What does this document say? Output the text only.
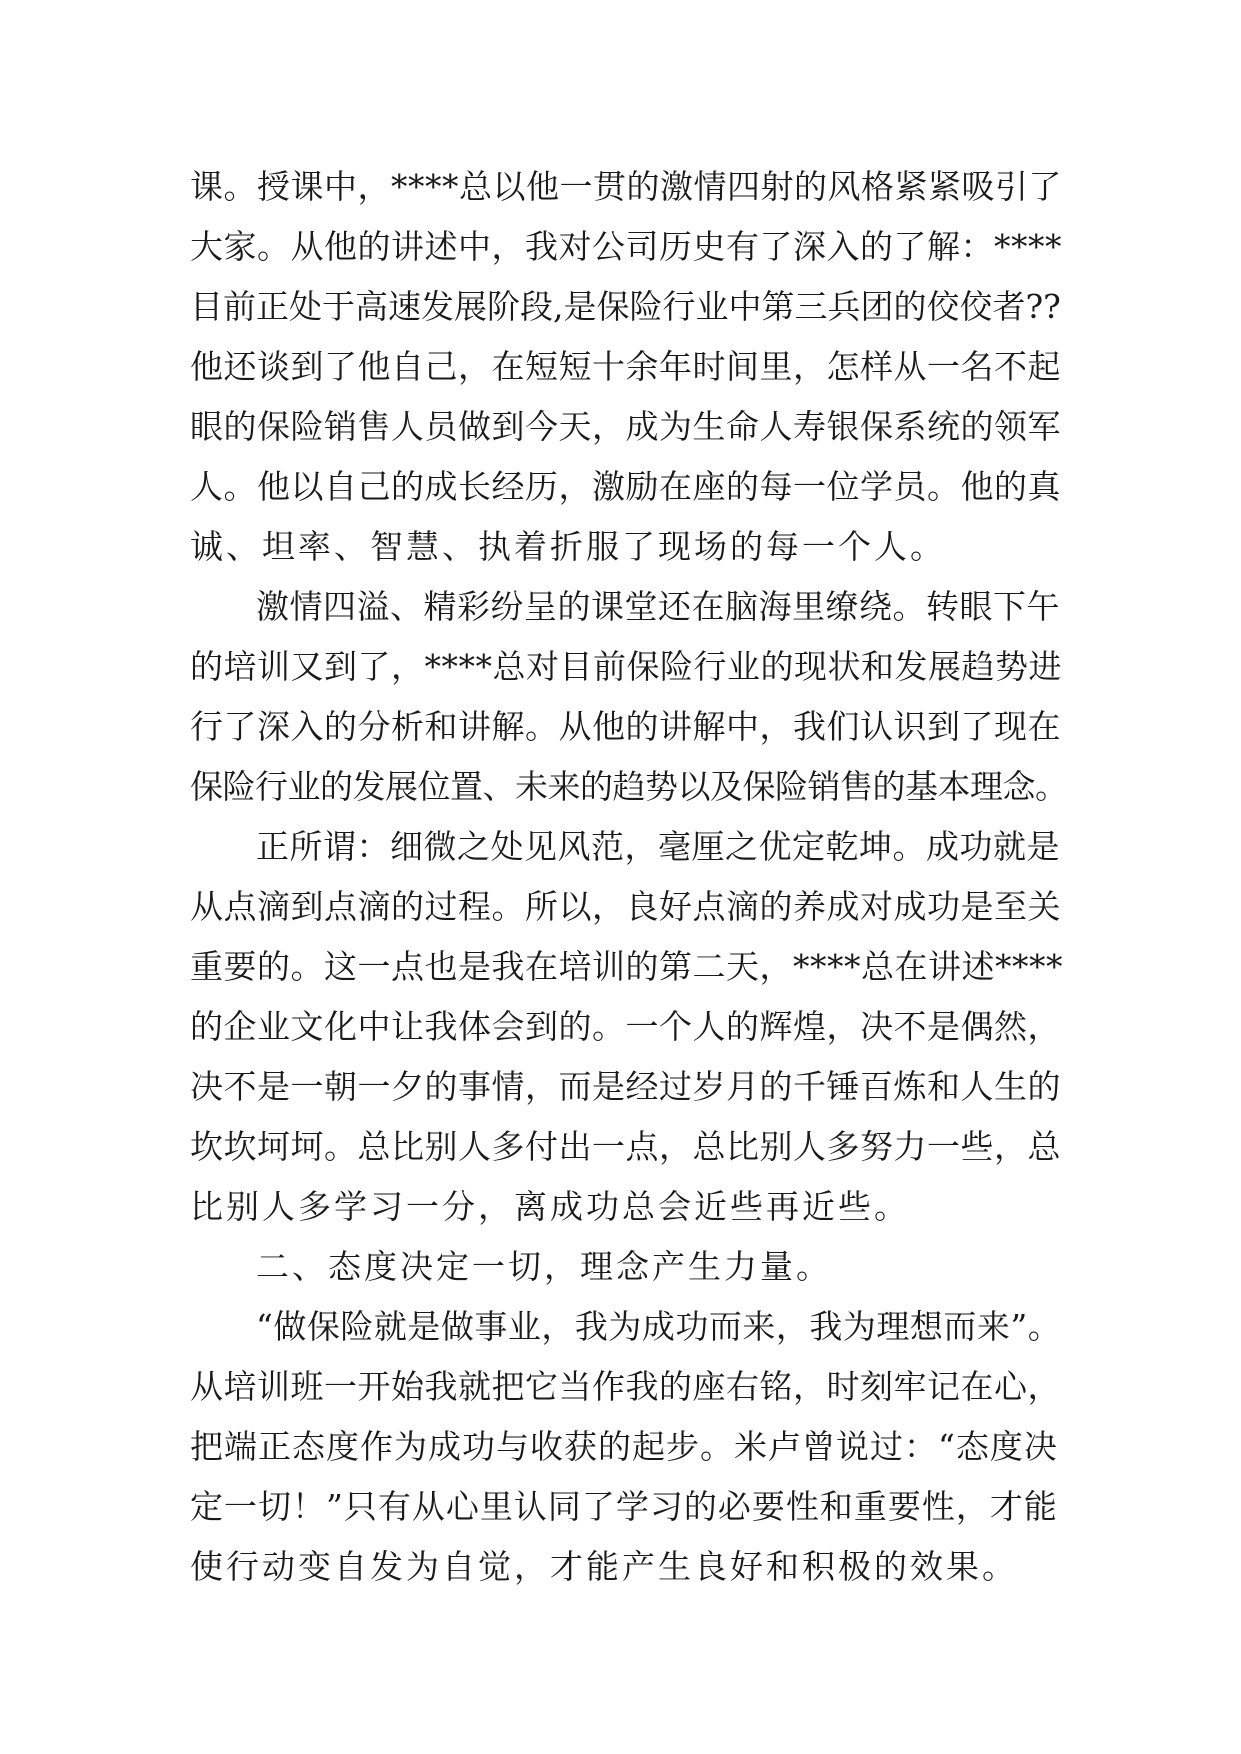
课。授课中，****总以他一贯的激情四射的风格紧紧吸引了
大家。从他的讲述中，我对公司历史有了深入的了解：****
目前正处于高速发展阶段,是保险行业中第三兵团的佼佼者??
他还谈到了他自己，在短短十余年时间里，怎样从一名不起
眼的保险销售人员做到今天，成为生命人寿银保系统的领军
人。他以自己的成长经历，激励在座的每一位学员。他的真
诚、坦率、智慧、执着折服了现场的每一个人。
激情四溢、精彩纷呈的课堂还在脑海里缭绕。转眼下午
的培训又到了，****总对目前保险行业的现状和发展趋势进
行了深入的分析和讲解。从他的讲解中，我们认识到了现在
保险行业的发展位置、未来的趋势以及保险销售的基本理念。
正所谓：细微之处见风范，毫厘之优定乾坤。成功就是
从点滴到点滴的过程。所以，良好点滴的养成对成功是至关
重要的。这一点也是我在培训的第二天，****总在讲述****
的企业文化中让我体会到的。一个人的辉煌，决不是偶然，
决不是一朝一夕的事情，而是经过岁月的千锤百炼和人生的
坎坎坷坷。总比别人多付出一点，总比别人多努力一些，总
比别人多学习一分，离成功总会近些再近些。
二、态度决定一切，理念产生力量。
“做保险就是做事业，我为成功而来，我为理想而来”。
从培训班一开始我就把它当作我的座右铭，时刻牢记在心，
把端正态度作为成功与收获的起步。米卢曾说过：“态度决
定一切！”只有从心里认同了学习的必要性和重要性，才能
使行动变自发为自觉，才能产生良好和积极的效果。
